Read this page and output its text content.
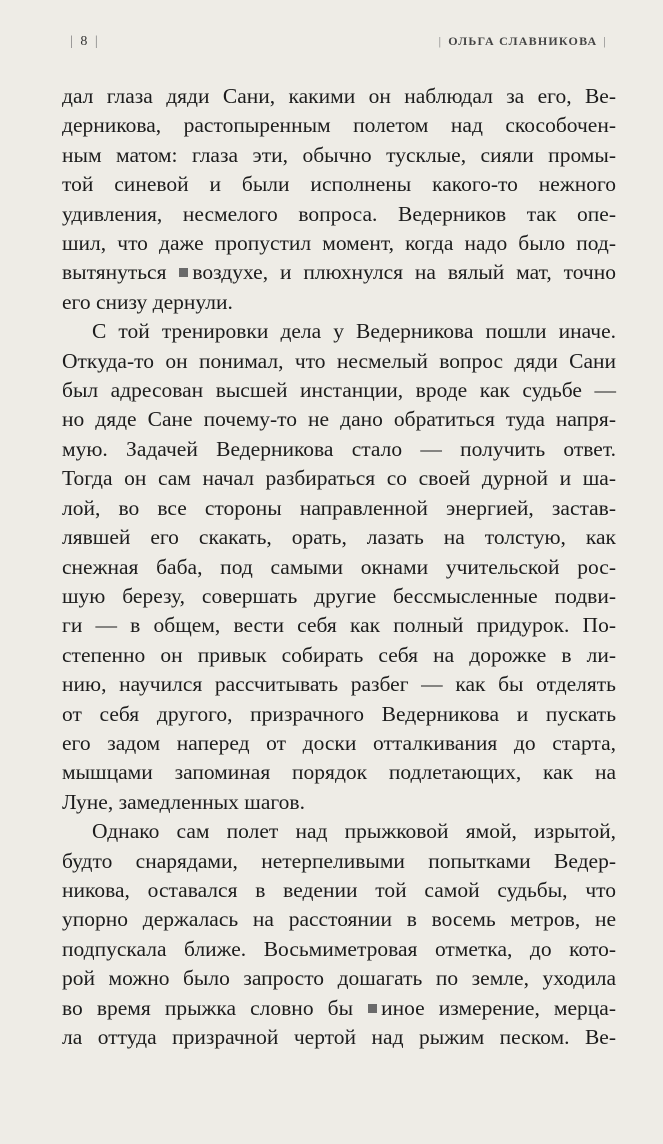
| 8 |	| ОЛЬГА СЛАВНИКОВА |
дал глаза дяди Сани, какими он наблюдал за его, Ве-
дерникова, растопыренным полетом над скособочен-
ным матом: глаза эти, обычно тусклые, сияли промы-
той синевой и были исполнены какого-то нежного
удивления, несмелого вопроса. Ведерников так опе-
шил, что даже пропустил момент, когда надо было под-
вытянуться воздухе, и плюхнулся на вялый мат, точно
его снизу дернули.
С той тренировки дела у Ведерникова пошли иначе.
Откуда-то он понимал, что несмелый вопрос дяди Сани
был адресован высшей инстанции, вроде как судьбе —
но дяде Сане почему-то не дано обратиться туда напря-
мую. Задачей Ведерникова стало — получить ответ.
Тогда он сам начал разбираться со своей дурной и ша-
лой, во все стороны направленной энергией, застав-
лявшей его скакать, орать, лазать на толстую, как
снежная баба, под самыми окнами учительской рос-
шую березу, совершать другие бессмысленные подви-
ги — в общем, вести себя как полный придурок. По-
степенно он привык собирать себя на дорожке в ли-
нию, научился рассчитывать разбег — как бы отделять
от себя другого, призрачного Ведерникова и пускать
его задом наперед от доски отталкивания до старта,
мышцами запоминая порядок подлетающих, как на
Луне, замедленных шагов.
Однако сам полет над прыжковой ямой, изрытой,
будто снарядами, нетерпеливыми попытками Ведер-
никова, оставался в ведении той самой судьбы, что
упорно держалась на расстоянии в восемь метров, не
подпускала ближе. Восьмиметровая отметка, до кото-
рой можно было запросто дошагать по земле, уходила
во время прыжка словно бы иное измерение, мерца-
ла оттуда призрачной чертой над рыжим песком. Ве-
